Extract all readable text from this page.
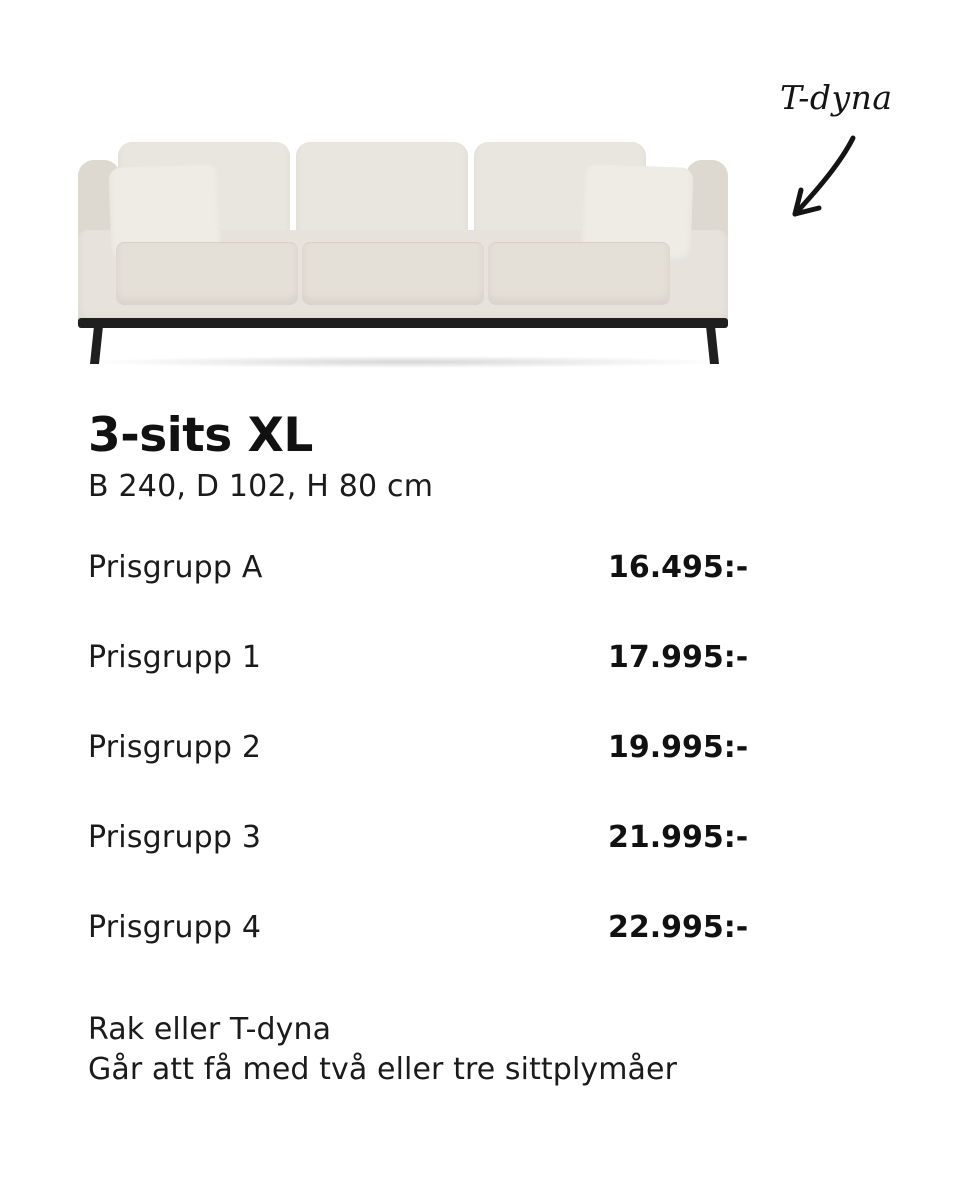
T-dyna
3-sits XL
B 240, D 102, H 80 cm
Prisgrupp A	16.495:-
Prisgrupp 1	17.995:-
Prisgrupp 2	19.995:-
Prisgrupp 3	21.995:-
Prisgrupp 4	22.995:-
Rak eller T-dyna
Går att få med två eller tre sittplymåer
